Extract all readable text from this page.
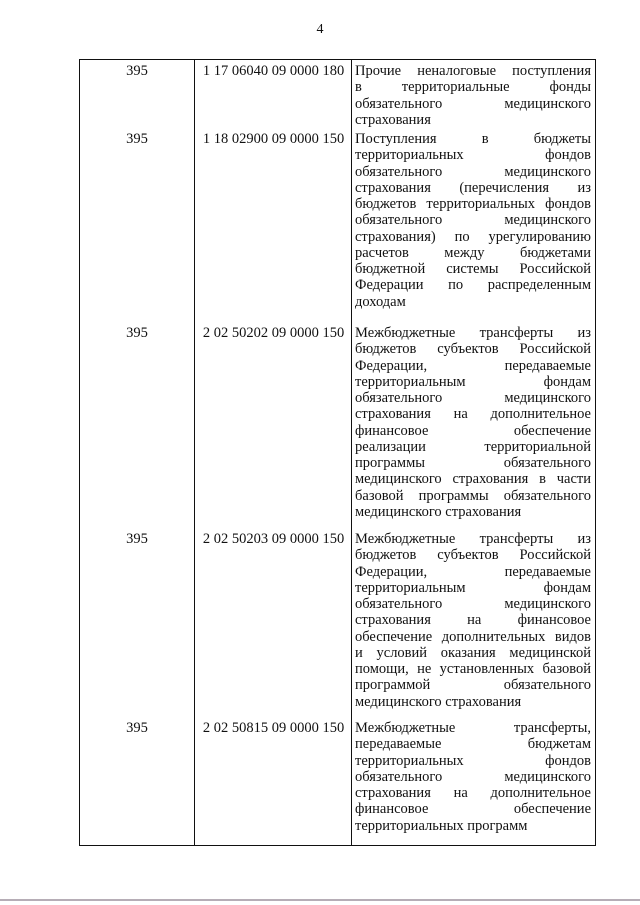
4
395	1 17 06040 09 0000 180 Прочие неналоговые поступления
в территориальные фонды
обязательного медицинского
страхования
395	1 18 02900 09 0000 150 Поступления в бюджеты
территориальных фондов
обязательного медицинского
страхования (перечисления из
бюджетов территориальных фондов
обязательного медицинского
страхования) по урегулированию
расчетов между бюджетами
бюджетной системы Российской
Федерации по распределенным
доходам
395	2 02 50202 09 0000 150 Межбюджетные трансферты из
бюджетов субъектов Российской
Федерации, передаваемые
территориальным фондам
обязательного медицинского
страхования на дополнительное
финансовое обеспечение
реализации территориальной
программы обязательного
медицинского страхования в части
базовой программы обязательного
медицинского страхования
395	2 02 50203 09 0000 150 Межбюджетные трансферты из
бюджетов субъектов Российской
Федерации, передаваемые
территориальным фондам
обязательного медицинского
страхования на финансовое
обеспечение дополнительных видов
и условий оказания медицинской
помощи, не установленных базовой
программой обязательного
медицинского страхования
395	2 02 50815 09 0000 150 Межбюджетные трансферты,
передаваемые бюджетам
территориальных фондов
обязательного медицинского
страхования на дополнительное
финансовое обеспечение
территориальных программ
